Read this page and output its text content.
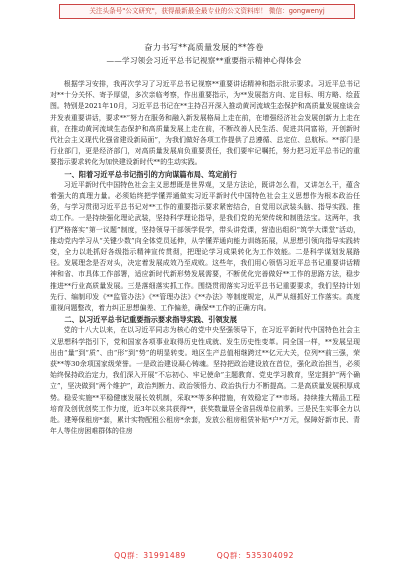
关注头条号"公文研究"，获得最新最全最专业的公文资料库！ 微信：gongwenyj
奋力书写**高质量发展的**答卷
——学习领会习近平总书记视察**重要指示精神心得体会

根据学习安排，我再次学习了习近平总书记视察**重要讲话精神和指示批示要求。习近平总书记对**十分关怀、寄予厚望，多次亲临考察，作出重要指示，为**发展指方向、定目标、明方略、绘蓝图。特别是2021年10月，习近平总书记在**主持召开深入推动黄河流域生态保护和高质量发展座谈会并发表重要讲话，要求**“努力在服务和融入新发展格局上走在前，在增强经济社会发展创新力上走在前，在推动黄河流域生态保护和高质量发展上走在前，不断改善人民生活、促进共同富裕，开创新时代社会主义现代化强省建设新局面”，为我们做好各项工作提供了总遵循、总定位、总航标。**部门是行业部门，更是经济部门，对高质量发展肩负重要责任，我们要牢记嘱托，努力把习近平总书记的重要指示要求转化为加快建设新时代**的生动实践。

一、阳着习近平总书记指引的方向谋篇布局、笃定前行

习近平新时代中国特色社会主义思想既是世界观，又是方法论，既讲怎么看，又讲怎么干，蕴含着强大的真理力量。必须始终把学懂弄通做实习近平新时代中国特色社会主义思想作为根本政治任务，与学习贯彻习近平总书记对**工作的重要指示要求紧密结合，自觉用以武装头脑、指导实践、推动工作。一是持续强化理论武装，坚持科学理论指导，是我们党的光荣传统和制胜法宝。这两年，我们严格落实“第一议题”制度，坚持领导干部领学促学，带头讲党课，营造出组织“筑学大课堂”活动，推动党内学习从“关键少数”向全体党员延伸，从学懂弄通向能力训练拓展，从思想引领向指导实践转变，全力以赴抓好各级指示精神宣传贯彻，把理论学习成果转化为工作效能。二是科学谋划发展路径。发展理念是否对头，决定着发展成效乃至成败。这些年，我们用心领悟习近平总书记重要讲话精神和省、市具体工作部署，适应新时代新形势发展需要，不断优化完善做好**工作的思路方法，稳步推进**行业高质量发展。三是落细落实抓工作。围绕贯彻落实习近平总书记重要要求，我们坚持计划先行、编制印发《**监管办法》《**管理办法》《**办法》等制度规定，从严从细抓好工作落实。高度重视问题整改，着力纠正思想偏差、工作偏差，确保**工作的正确方向。

二、以习近平总书记重要指示要求指导实践、引领发展

党的十八大以来，在以习近平同志为核心的党中央坚强领导下，在习近平新时代中国特色社会主义思想科学指引下，党和国家各项事业取得历史性成就、发生历史性变革。同全国一样，**发展呈现出由“量”到“质”、由“形”到“势”的明显转变。地区生产总值相继跨过**亿元大关，位列**前三强，荣获**等30余项国家级荣誉。一是政治建设凝心铸魂。坚持把政治建设放在首位，强化政治担当，必须始终保持政治定力，我们深入开展“不忘初心、牢记使命”主题教育、党史学习教育，坚定拥护“两个确立”，坚决做到“两个维护”，政治判断力、政治领悟力、政治执行力不断提高。二是高质量发展积厚成势。稳妥实施**平稳健康发展长效机制，采取**等多种措施，有效稳定了**市场。持续推大精品工程培育及创优创奖工作力度，近3年以来共获得**，获奖数量居全省县级单位前茅。三是民生实事全力以赴。建筹保租房*套，累计实物配租公租房*余套，发放公租房租赁补贴*户*万元，保障好新市民、青年人等住房困难群体的住房

QQ群：31991489	QQ群：535304092
